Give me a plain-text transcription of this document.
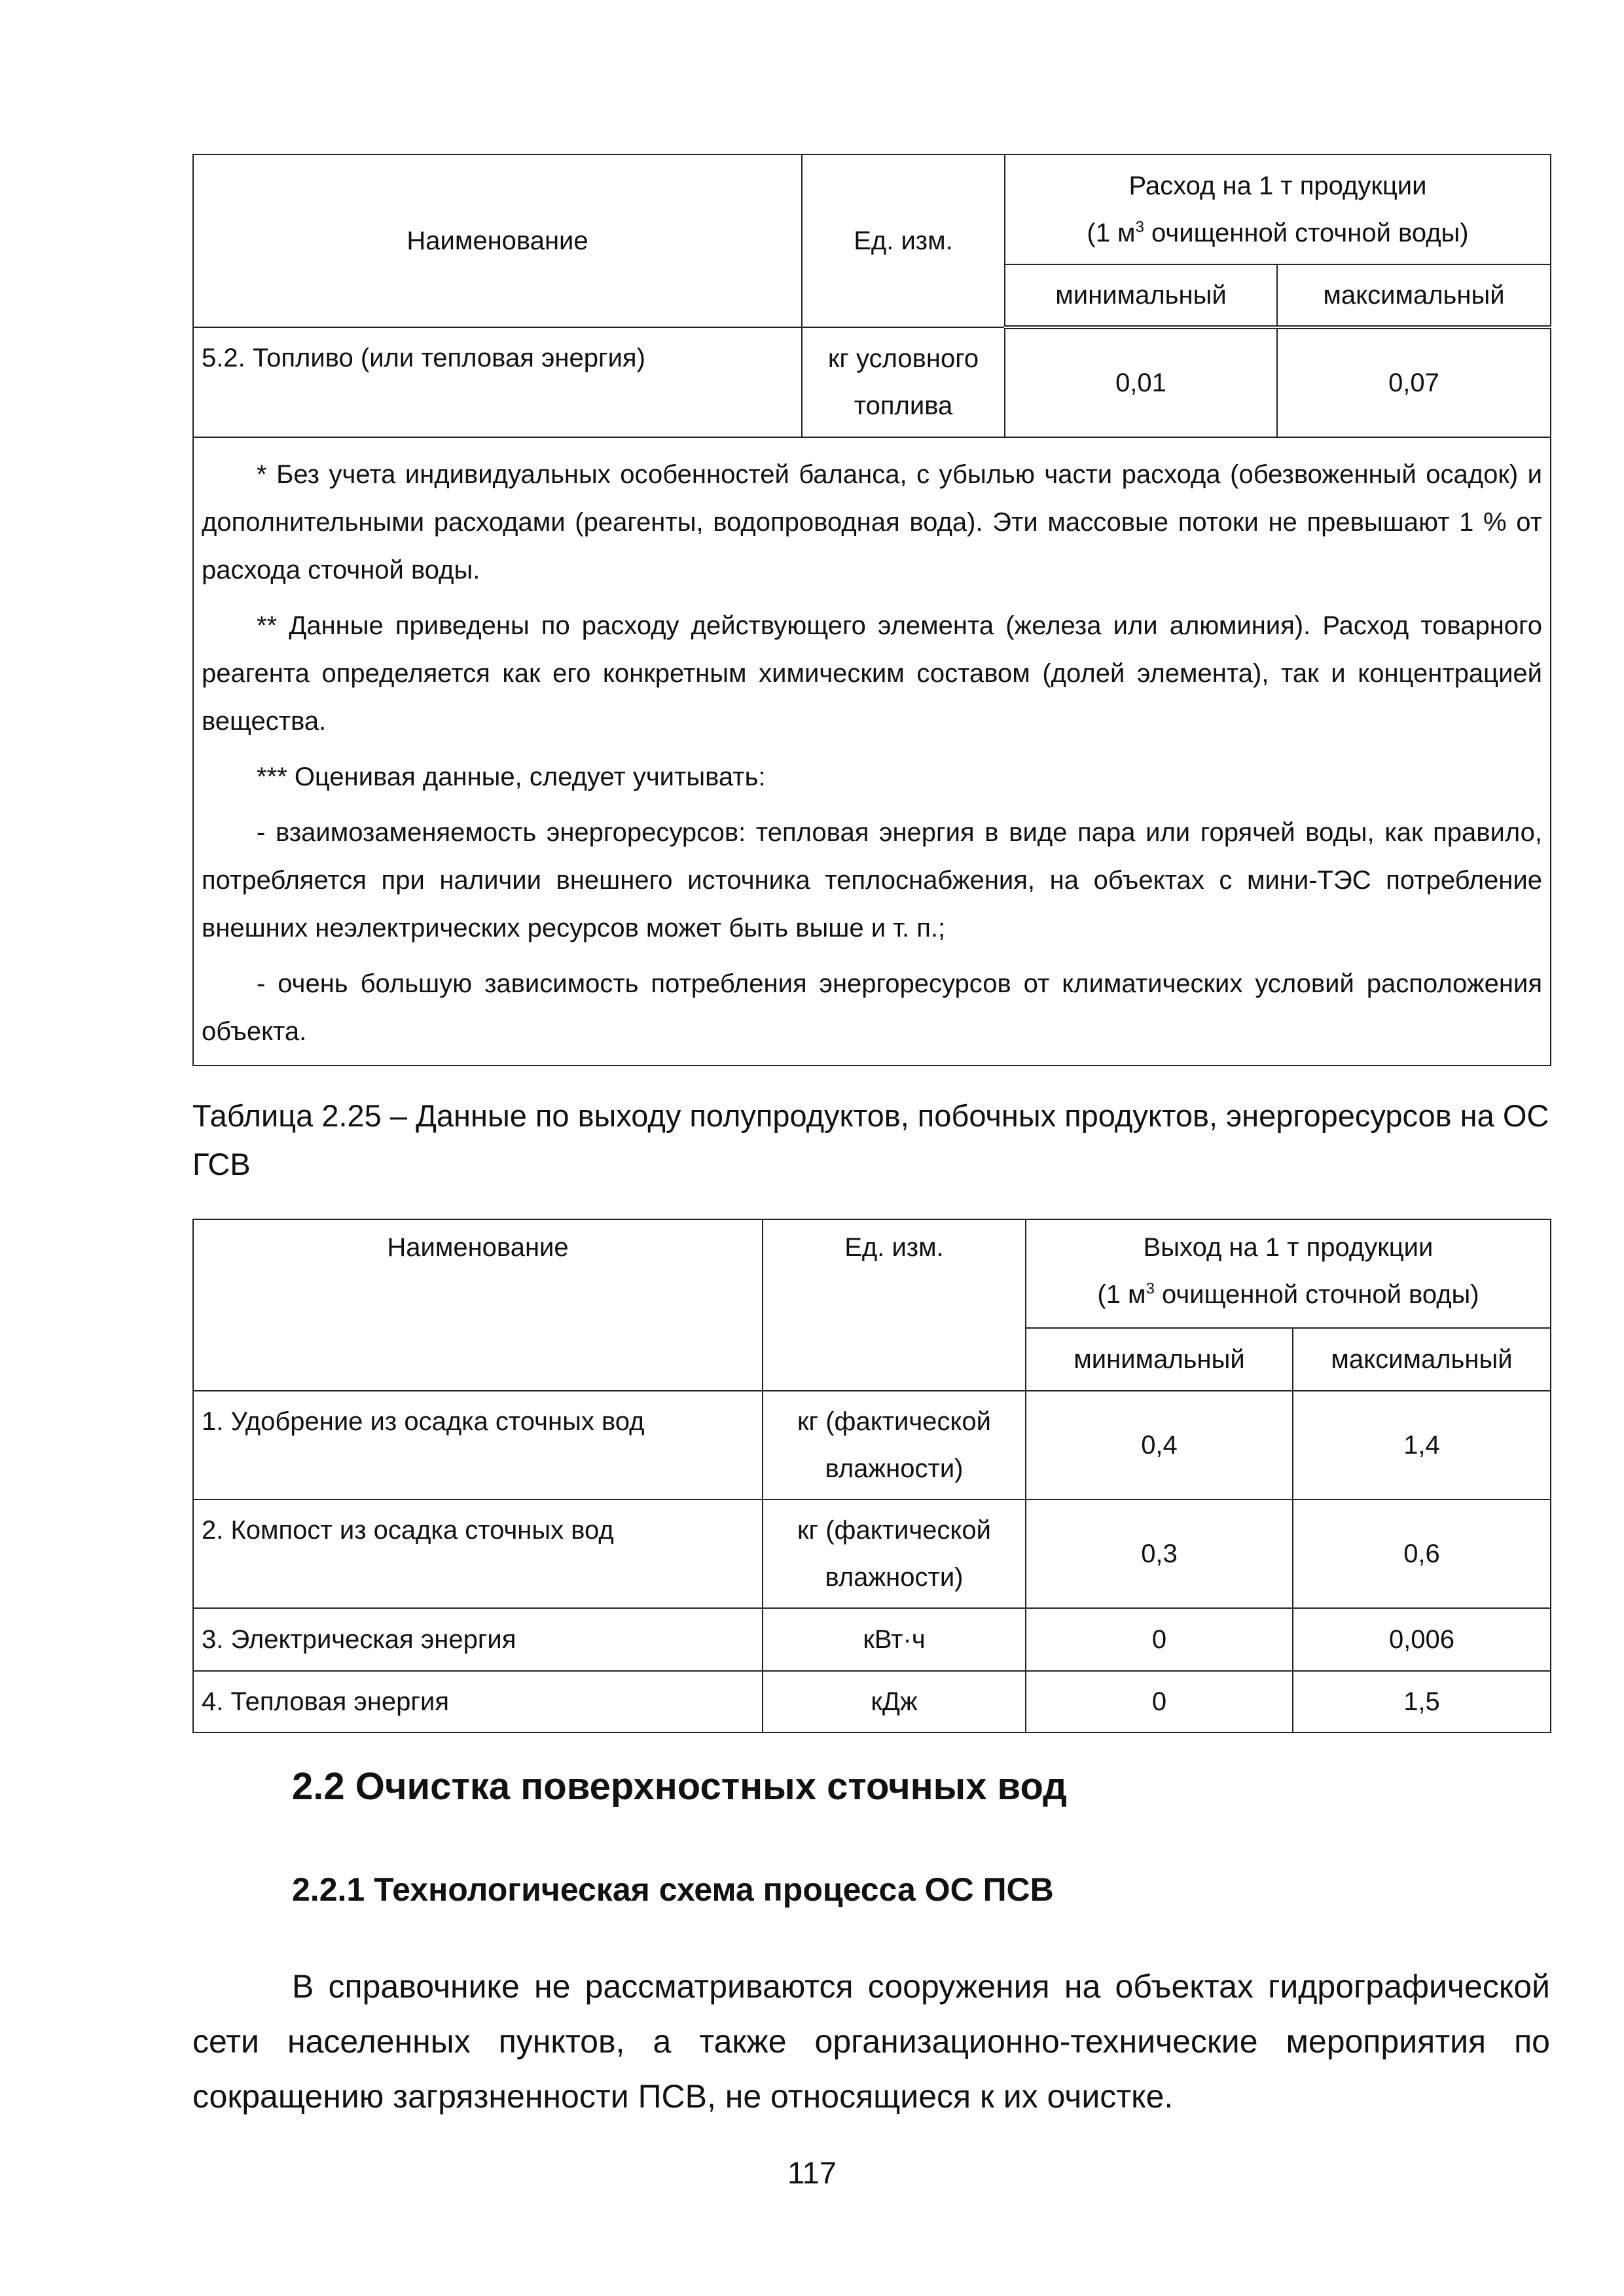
Наименование	Ед. изм.	Расход на 1 т продукции
(1 $м^3$ очищенной сточной воды)	

		минимальный	максимальный
5.2. Топливо (или тепловая энергия)	кг условного
топлива	0,01	0,07

* Без учета индивидуальных особенностей баланса, с убылью части расхода (обезвоженный осадок) и дополнительными расходами (реагенты, водопроводная вода). Эти массовые потоки не превышают 1 % от расхода сточной воды.

** Данные приведены по расходу действующего элемента (железа или алюминия). Расход товарного реагента определяется как его конкретным химическим составом (долей элемента), так и концентрацией вещества.

*** Оценивая данные, следует учитывать:

- взаимозаменяемость энергоресурсов: тепловая энергия в виде пара или горячей воды, как правило, потребляется при наличии внешнего источника теплоснабжения, на объектах с мини-ТЭС потребление внешних неэлектрических ресурсов может быть выше и т. п.;

- очень большую зависимость потребления энергоресурсов от климатических условий расположения объекта.			

Таблица 2.25 – Данные по выходу полупродуктов, побочных продуктов, энергоресурсов на ОС ГСВ

Наименование	Ед. изм.	Выход на 1 т продукции
(1 $м^3$ очищенной сточной воды)	

		минимальный	максимальный
1. Удобрение из осадка сточных вод	кг (фактической
влажности)	0,4	1,4
2. Компост из осадка сточных вод	кг (фактической
влажности)	0,3	0,6
3. Электрическая энергия	кВт·ч	0	0,006
4. Тепловая энергия	кДж	0	1,5
2.2 Очистка поверхностных сточных вод
2.2.1 Технологическая схема процесса ОС ПСВ

В справочнике не рассматриваются сооружения на объектах гидрографической сети населенных пунктов, а также организационно-технические мероприятия по сокращению загрязненности ПСВ, не относящиеся к их очистке.

117
